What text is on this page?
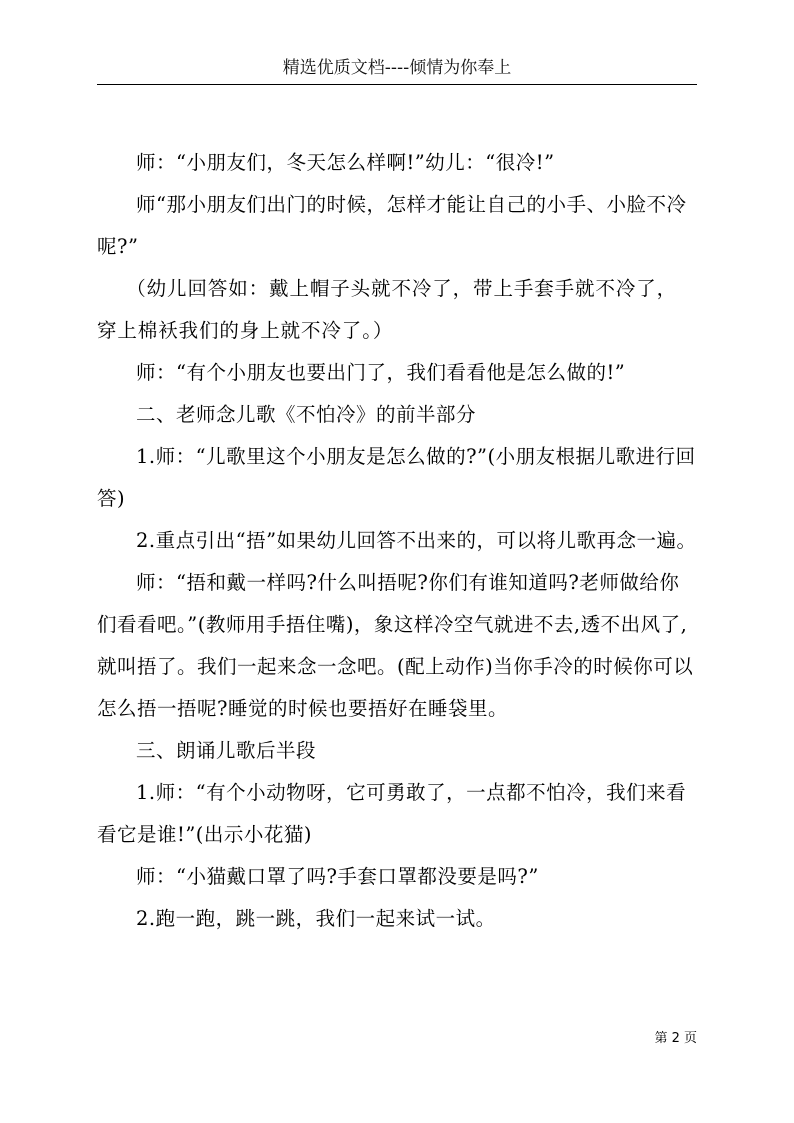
精选优质文档----倾情为你奉上

师：“小朋友们，冬天怎么样啊!”幼儿：“很冷!”

师“那小朋友们出门的时候，怎样才能让自己的小手、小脸不冷呢?”

（幼儿回答如：戴上帽子头就不冷了，带上手套手就不冷了，穿上棉袄我们的身上就不冷了。）

师：“有个小朋友也要出门了，我们看看他是怎么做的!”

二、老师念儿歌《不怕冷》的前半部分

1.师：“儿歌里这个小朋友是怎么做的?”(小朋友根据儿歌进行回答)

2.重点引出“捂”如果幼儿回答不出来的，可以将儿歌再念一遍。

师：“捂和戴一样吗?什么叫捂呢?你们有谁知道吗?老师做给你们看看吧。”(教师用手捂住嘴)，象这样冷空气就进不去,透不出风了,就叫捂了。我们一起来念一念吧。(配上动作)当你手冷的时候你可以怎么捂一捂呢?睡觉的时候也要捂好在睡袋里。

三、朗诵儿歌后半段

1.师：“有个小动物呀，它可勇敢了，一点都不怕冷，我们来看看它是谁!”(出示小花猫)

师：“小猫戴口罩了吗?手套口罩都没要是吗?”

2.跑一跑，跳一跳，我们一起来试一试。

第 2 页
